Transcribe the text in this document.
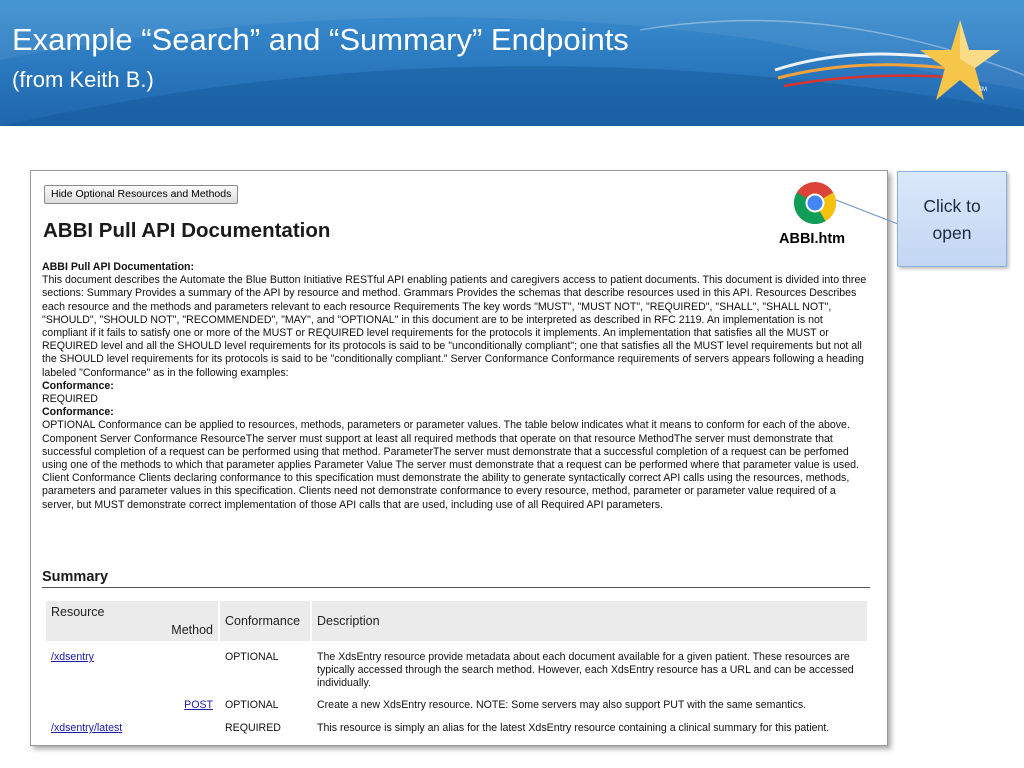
Example “Search” and “Summary” Endpoints
(from Keith B.)	SM
Hide Optional Resources and Methods
ABBI Pull API Documentation	ABBI.htm

ABBI Pull API Documentation:

This document describes the Automate the Blue Button Initiative RESTful API enabling patients and caregivers access to patient documents. This document is divided into three sections: Summary Provides a summary of the API by resource and method. Grammars Provides the schemas that describe resources used in this API. Resources Describes each resource and the methods and parameters relevant to each resource Requirements The key words "MUST", "MUST NOT", "REQUIRED", "SHALL", "SHALL NOT", "SHOULD", "SHOULD NOT", "RECOMMENDED", "MAY", and "OPTIONAL" in this document are to be interpreted as described in RFC 2119. An implementation is not compliant if it fails to satisfy one or more of the MUST or REQUIRED level requirements for the protocols it implements. An implementation that satisfies all the MUST or REQUIRED level and all the SHOULD level requirements for its protocols is said to be "unconditionally compliant"; one that satisfies all the MUST level requirements but not all the SHOULD level requirements for its protocols is said to be "conditionally compliant." Server Conformance Conformance requirements of servers appears following a heading labeled "Conformance" as in the following examples:

Conformance:

REQUIRED

Conformance:

OPTIONAL Conformance can be applied to resources, methods, parameters or parameter values. The table below indicates what it means to conform for each of the above. Component Server Conformance ResourceThe server must support at least all required methods that operate on that resource MethodThe server must demonstrate that successful completion of a request can be performed using that method. ParameterThe server must demonstrate that a successful completion of a request can be perfomed using one of the methods to which that parameter applies Parameter Value The server must demonstrate that a request can be performed where that parameter value is used. Client Conformance Clients declaring conformance to this specification must demonstrate the ability to generate syntactically correct API calls using the resources, methods, parameters and parameter values in this specification. Clients need not demonstrate conformance to every resource, method, parameter or parameter value required of a server, but MUST demonstrate correct implementation of those API calls that are used, including use of all Required API parameters.

Summary
Resource
Method	Conformance	Description
/xdsentry	OPTIONAL	The XdsEntry resource provide metadata about each document available for a given patient. These resources are typically accessed through the search method. However, each XdsEntry resource has a URL and can be accessed individually.
POST	OPTIONAL	Create a new XdsEntry resource. NOTE: Some servers may also support PUT with the same semantics.
/xdsentry/latest	REQUIRED	This resource is simply an alias for the latest XdsEntry resource containing a clinical summary for this patient.
Click to
open
